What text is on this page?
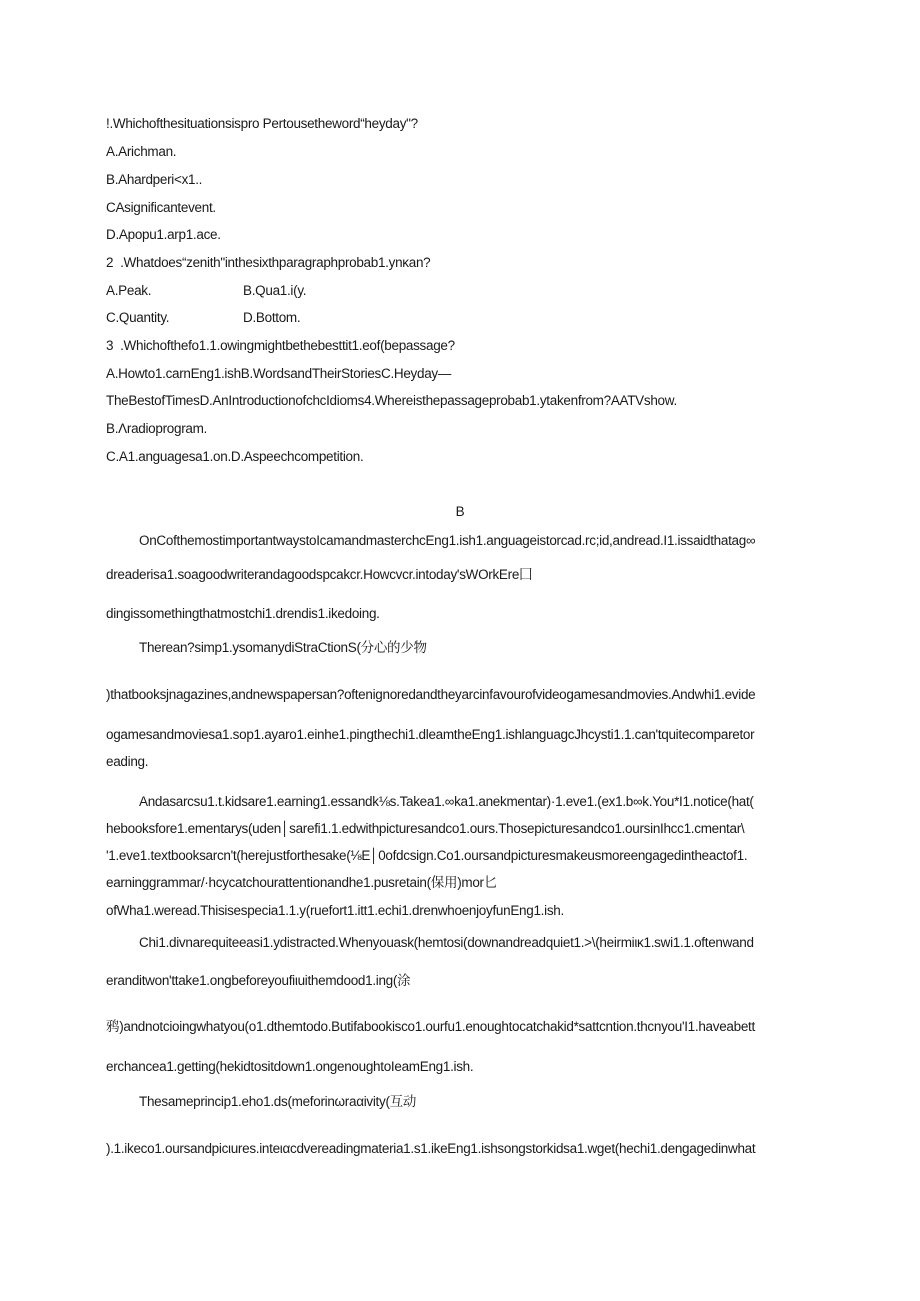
!.Whichofthesituationsispro Pertousetheword“heyday"?
A.Arichman.
B.Ahardperi<x1..
CAsignificantevent.
D.Apopu1.arp1.ace.
2  .Whatdoes“zenith"inthesixthparagraphprobab1.ynκan?
A.Peak.	B.Qua1.i(y.
C.Quantity.	D.Bottom.
3  .Whichofthefo1.1.owingmightbethebesttit1.eof(bepassage?
A.Howto1.carnEng1.ishB.WordsandTheirStoriesC.Heyday—
TheBestofTimesD.AnIntroductionofchcIdioms4.Whereisthepassageprobab1.ytakenfrom?AATVshow.
B.Λradioprogram.
C.A1.anguagesa1.on.D.Aspeechcompetition.
B
OnCofthemostimportantwaystoIcamandmasterchcEng1.ish1.anguageistorcad.rc;id,andread.I1.issaidthatag∞
dreaderisa1.soagoodwriterandagoodspcakcr.Howcvcr.intoday'sWOrkEre囗
dingissomethingthatmostchi1.drendis1.ikedoing.
Therean?simp1.ysomanydiStraCtionS(分心的少物
)thatbooksjnagazines,andnewspapersan?oftenignoredandtheyarcinfavourofvideogamesandmovies.Andwhi1.evide
ogamesandmoviesa1.sop1.ayaro1.einhe1.pingthechi1.dleamtheEng1.ishlanguagcJhcysti1.1.can'tquitecomparetor
eading.
Andasarcsu1.t.kidsare1.earning1.essandk⅛s.Takea1.∞ka1.anekmentar)·1.eve1.(ex1.b∞k.You*I1.notice(hat(
hebooksfore1.ementarys(uden│sarefi1.1.edwithpicturesandco1.ours.Thosepicturesandco1.oursinIhcc1.cmentar\
'1.eve1.textbooksarcn't(herejustforthesake(⅛E│0ofdcsign.Co1.oursandpicturesmakeusmoreengagedintheactof1.
earninggrammar/·hcycatchourattentionandhe1.pusretain(保用)mor匕
ofWha1.weread.Thisisespecia1.1.y(ruefort1.itt1.echi1.drenwhoenjoyfunEng1.ish.
Chi1.divnarequiteeasi1.ydistracted.Whenyouask(hemtosi(downandreadquiet1.>\(heirmiικ1.swi1.1.oftenwand
eranditwon'ttake1.ongbeforeyoufiιuithemdood1.ing(涂
鸦)andnotcioingwhatyou(o1.dthemtodo.Butifabookisco1.ourfu1.enoughtocatchakid*sattcntion.thcnyou'I1.haveabett
erchancea1.getting(hekidtositdown1.ongenoughtoIeamEng1.ish.
Thesameprincip1.eho1.ds(meforinωraαivity(互动
).1.ikeco1.oursandpicιures.inteιαcdvereadingmateria1.s1.ikeEng1.ishsongstorkidsa1.wget(hechi1.dengagedinwhat
